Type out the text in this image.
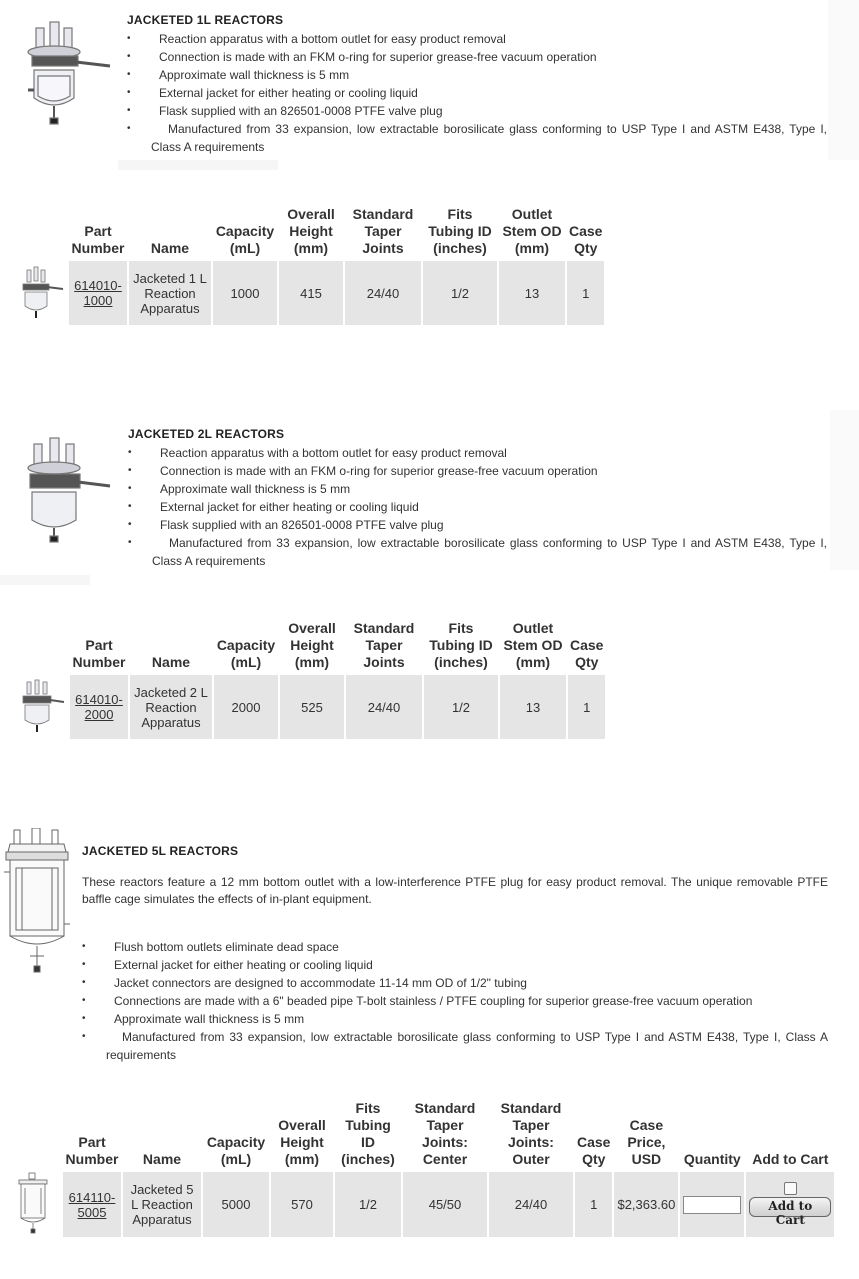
JACKETED 1L REACTORS
• Reaction apparatus with a bottom outlet for easy product removal
• Connection is made with an FKM o-ring for superior grease-free vacuum operation
• Approximate wall thickness is 5 mm
• External jacket for either heating or cooling liquid
• Flask supplied with an 826501-0008 PTFE valve plug
•	Manufactured from 33 expansion, low extractable borosilicate glass conforming to USP Type I and ASTM E438, Type I, Class A requirements
	Part Number	Name	Capacity (mL)	Overall Height (mm)	Standard Taper Joints	Fits Tubing ID (inches)	Outlet Stem OD (mm)	Case Qty
	614010-1000	Jacketed 1 L Reaction Apparatus	1000	415	24/40	1/2	13	1
JACKETED 2L REACTORS
• Reaction apparatus with a bottom outlet for easy product removal
• Connection is made with an FKM o-ring for superior grease-free vacuum operation
• Approximate wall thickness is 5 mm
• External jacket for either heating or cooling liquid
• Flask supplied with an 826501-0008 PTFE valve plug
•	Manufactured from 33 expansion, low extractable borosilicate glass conforming to USP Type I and ASTM E438, Type I, Class A requirements
	Part Number	Name	Capacity (mL)	Overall Height (mm)	Standard Taper Joints	Fits Tubing ID (inches)	Outlet Stem OD (mm)	Case Qty
	614010-2000	Jacketed 2 L Reaction Apparatus	2000	525	24/40	1/2	13	1
JACKETED 5L REACTORS
These reactors feature a 12 mm bottom outlet with a low-interference PTFE plug for easy product removal. The unique removable PTFE baffle cage simulates the effects of in-plant equipment.
• Flush bottom outlets eliminate dead space
• External jacket for either heating or cooling liquid
• Jacket connectors are designed to accommodate 11-14 mm OD of 1/2" tubing
• Connections are made with a 6" beaded pipe T-bolt stainless / PTFE coupling for superior grease-free vacuum operation
• Approximate wall thickness is 5 mm
•	Manufactured from 33 expansion, low extractable borosilicate glass conforming to USP Type I and ASTM E438, Type I, Class A requirements
	Part Number	Name	Capacity (mL)	Overall Height (mm)	Fits Tubing ID (inches)	Standard Taper Joints: Center	Standard Taper Joints: Outer	Case Qty	Case Price, USD	Quantity	Add to Cart
	614110-5005	Jacketed 5 L Reaction Apparatus	5000	570	1/2	45/50	24/40	1	$2,363.60		Add to Cart
